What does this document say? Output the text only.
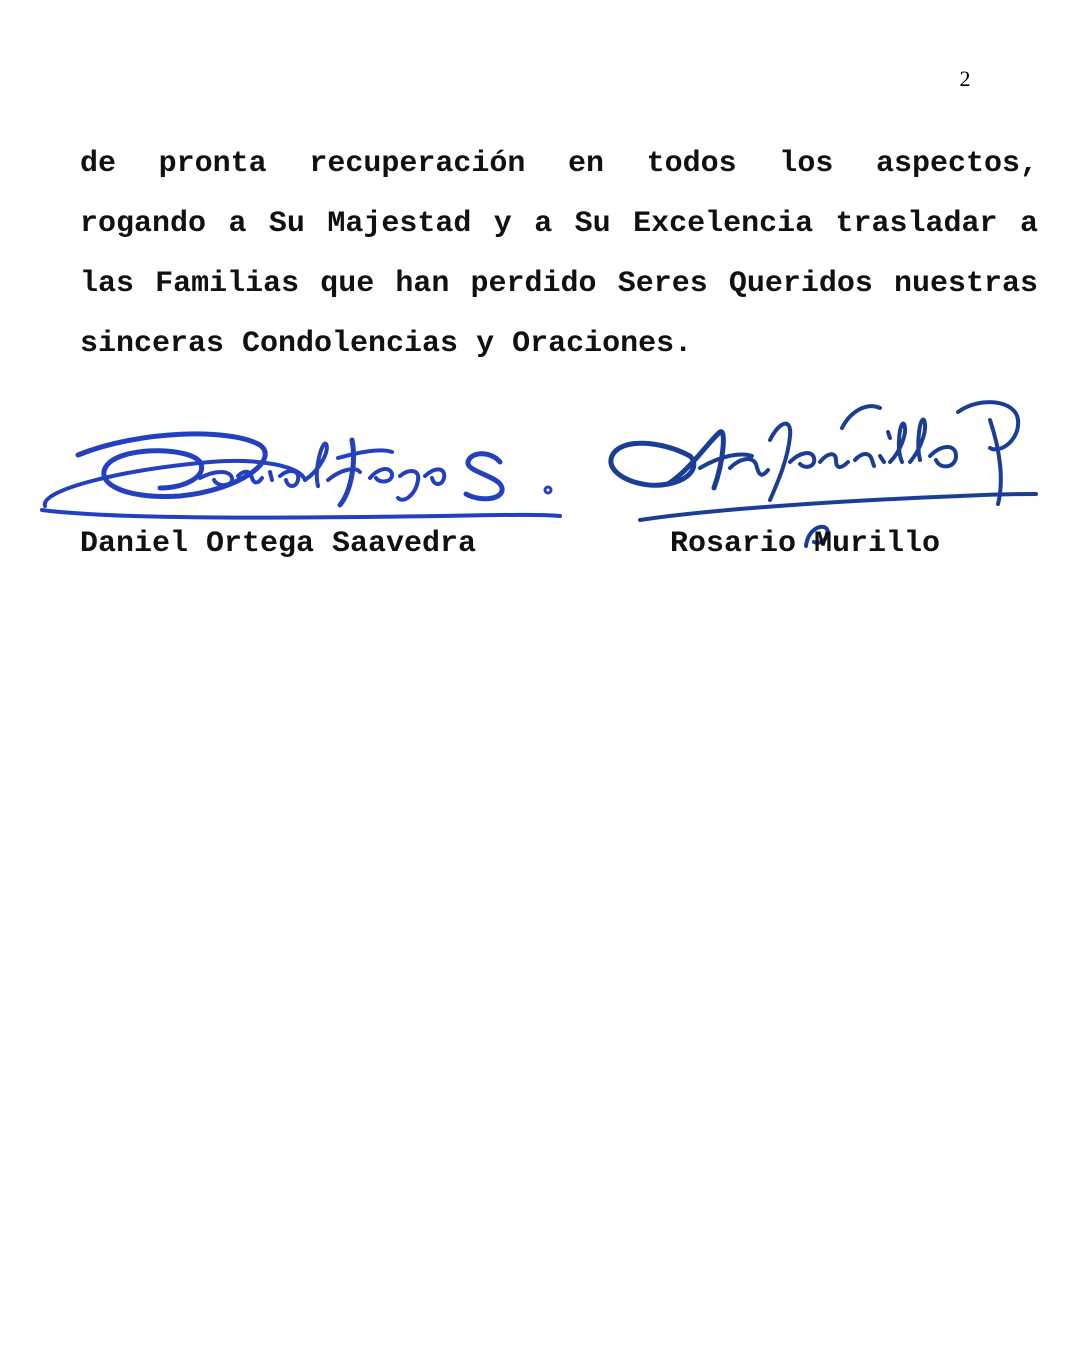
2
de pronta recuperación en todos los aspectos,
rogando a Su Majestad y a Su Excelencia trasladar a
las Familias que han perdido Seres Queridos nuestras
sinceras Condolencias y Oraciones.
Daniel Ortega Saavedra	Rosario Murillo
